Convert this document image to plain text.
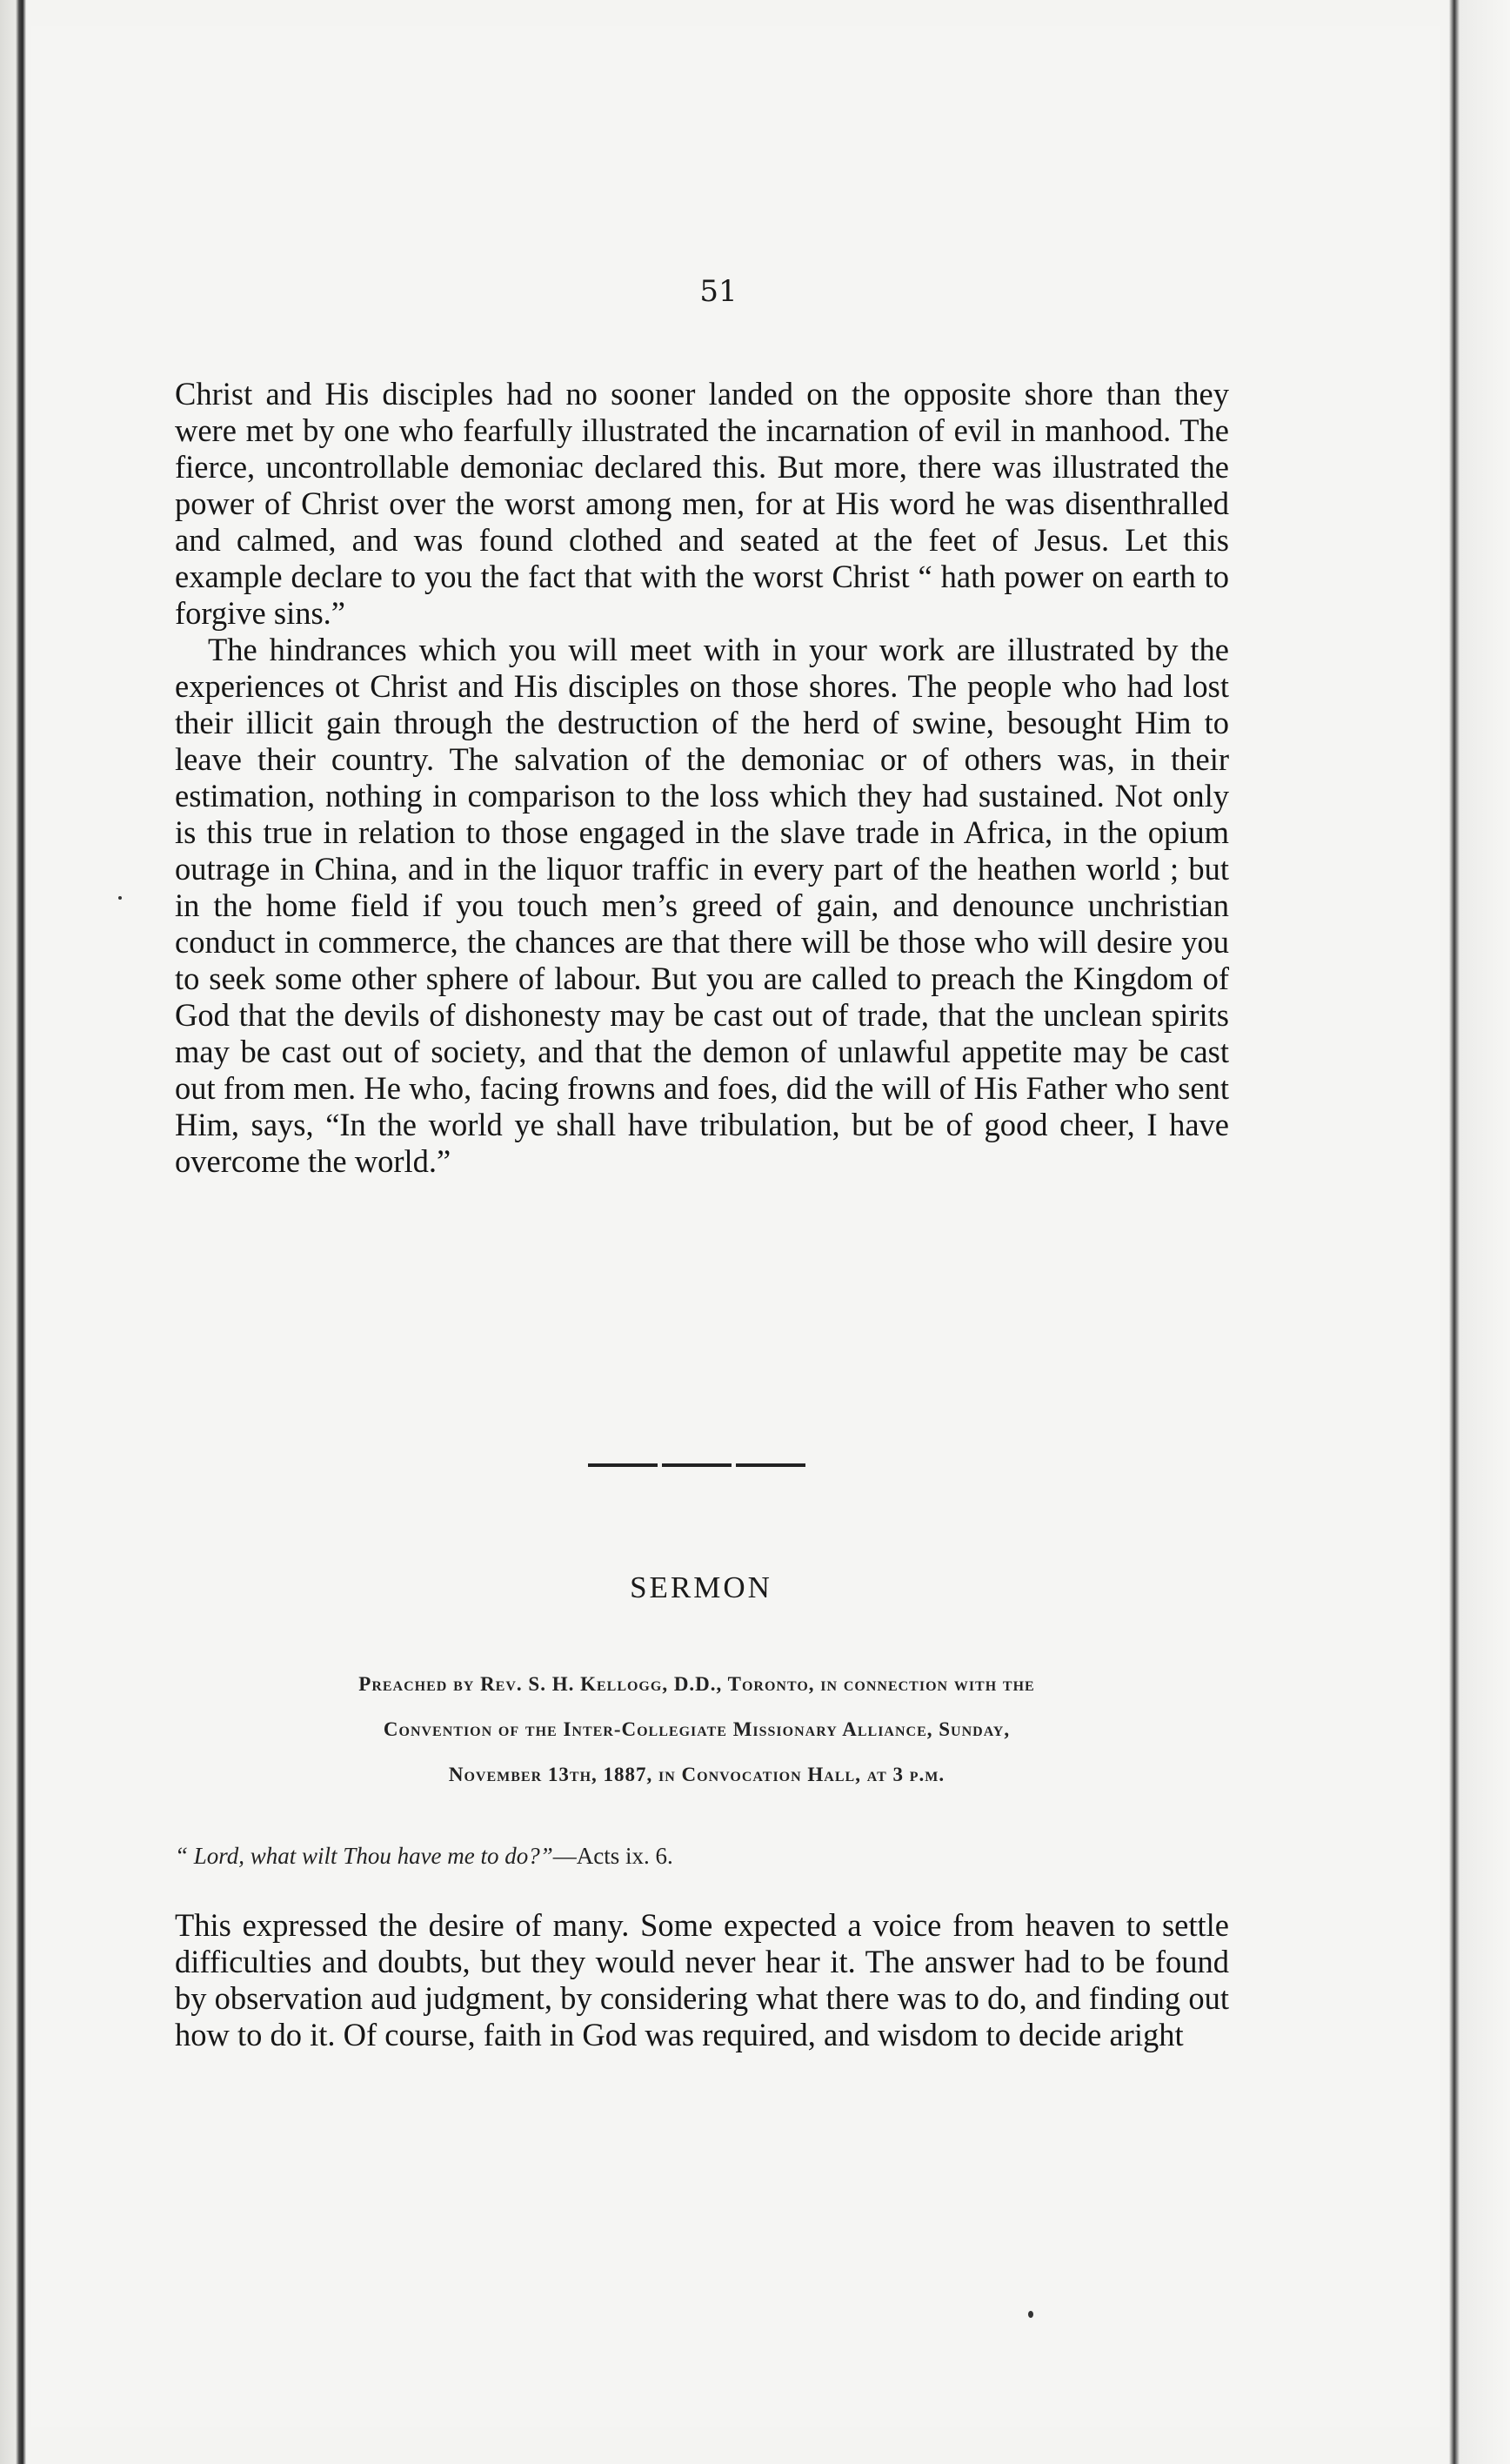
51

Christ and His disciples had no sooner landed on the opposite shore than they were met by one who fearfully illustrated the incarnation of evil in manhood. The fierce, uncontrollable demoniac declared this. But more, there was illustrated the power of Christ over the worst among men, for at His word he was disenthralled and calmed, and was found clothed and seated at the feet of Jesus. Let this example declare to you the fact that with the worst Christ “ hath power on earth to forgive sins.”

The hindrances which you will meet with in your work are illustrated by the experiences ot Christ and His disciples on those shores. The people who had lost their illicit gain through the destruction of the herd of swine, besought Him to leave their country. The salvation of the demoniac or of others was, in their estimation, nothing in comparison to the loss which they had sustained. Not only is this true in relation to those engaged in the slave trade in Africa, in the opium outrage in China, and in the liquor traffic in every part of the heathen world ; but in the home field if you touch men’s greed of gain, and denounce unchristian conduct in commerce, the chances are that there will be those who will desire you to seek some other sphere of labour. But you are called to preach the Kingdom of God that the devils of dishonesty may be cast out of trade, that the unclean spirits may be cast out of society, and that the demon of unlawful appetite may be cast out from men. He who, facing frowns and foes, did the will of His Father who sent Him, says, “In the world ye shall have tribulation, but be of good cheer, I have overcome the world.”

SERMON
Preached by Rev. S. H. Kellogg, D.D., Toronto, in connection with the
Convention of the Inter-Collegiate Missionary Alliance, Sunday,
November 13th, 1887, in Convocation Hall, at 3 p.m.
“ Lord, what wilt Thou have me to do?”—Acts ix. 6.

This expressed the desire of many. Some expected a voice from heaven to settle difficulties and doubts, but they would never hear it. The answer had to be found by observation aud judgment, by considering what there was to do, and finding out how to do it. Of course, faith in God was required, and wisdom to decide aright
